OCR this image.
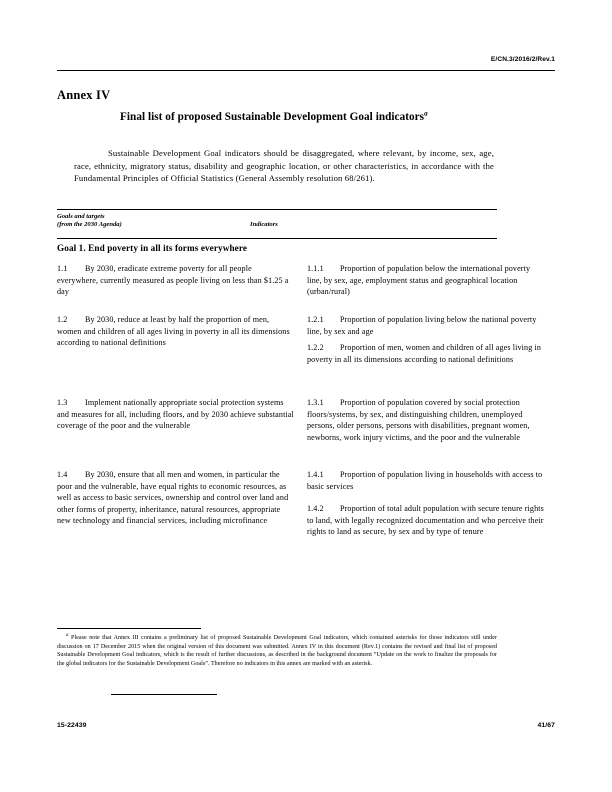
E/CN.3/2016/2/Rev.1
Annex IV
Final list of proposed Sustainable Development Goal indicators$^a$
Sustainable Development Goal indicators should be disaggregated, where relevant, by income, sex, age, race, ethnicity, migratory status, disability and geographic location, or other characteristics, in accordance with the Fundamental Principles of Official Statistics (General Assembly resolution 68/261).
Goals and targets
(from the 2030 Agenda)	Indicators
Goal 1. End poverty in all its forms everywhere
1.1 By 2030, eradicate extreme poverty for all people everywhere, currently measured as people living on less than $1.25 a day
1.2 By 2030, reduce at least by half the proportion of men, women and children of all ages living in poverty in all its dimensions according to national definitions
1.3 Implement nationally appropriate social protection systems and measures for all, including floors, and by 2030 achieve substantial coverage of the poor and the vulnerable
1.4 By 2030, ensure that all men and women, in particular the poor and the vulnerable, have equal rights to economic resources, as well as access to basic services, ownership and control over land and other forms of property, inheritance, natural resources, appropriate new technology and financial services, including microfinance
1.1.1 Proportion of population below the international poverty line, by sex, age, employment status and geographical location (urban/rural)
1.2.1 Proportion of population living below the national poverty line, by sex and age
1.2.2 Proportion of men, women and children of all ages living in poverty in all its dimensions according to national definitions
1.3.1 Proportion of population covered by social protection floors/systems, by sex, and distinguishing children, unemployed persons, older persons, persons with disabilities, pregnant women, newborns, work injury victims, and the poor and the vulnerable
1.4.1 Proportion of population living in households with access to basic services
1.4.2 Proportion of total adult population with secure tenure rights to land, with legally recognized documentation and who perceive their rights to land as secure, by sex and by type of tenure
$^a$ Please note that Annex III contains a preliminary list of proposed Sustainable Development Goal indicators, which contained asterisks for those indicators still under discussion on 17 December 2015 when the original version of this document was submitted. Annex IV in this document (Rev.1) contains the revised and final list of proposed Sustainable Development Goal indicators, which is the result of further discussions, as described in the background document “Update on the work to finalize the proposals for the global indicators for the Sustainable Development Goals”. Therefore no indicators in this annex are marked with an asterisk.
15-22439	41/67
